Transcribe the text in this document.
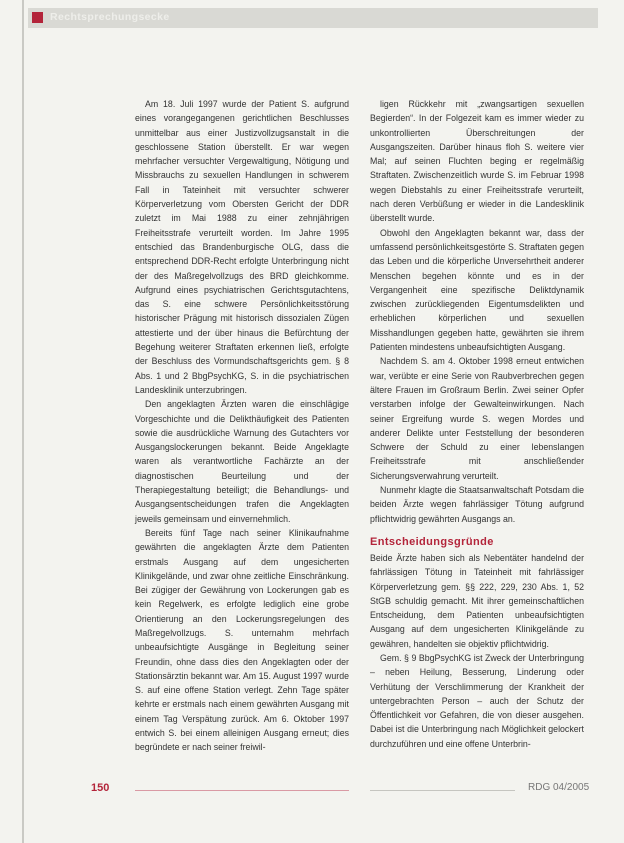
Rechtsprechungsecke

Am 18. Juli 1997 wurde der Patient S. aufgrund eines vorangegangenen gerichtlichen Beschlusses unmittelbar aus einer Justizvollzugsanstalt in die geschlossene Station überstellt. Er war wegen mehrfacher versuchter Vergewaltigung, Nötigung und Missbrauchs zu sexuellen Handlungen in schwerem Fall in Tateinheit mit versuchter schwerer Körperverletzung vom Obersten Gericht der DDR zuletzt im Mai 1988 zu einer zehnjährigen Freiheitsstrafe verurteilt worden. Im Jahre 1995 entschied das Brandenburgische OLG, dass die entsprechend DDR-Recht erfolgte Unterbringung nicht der des Maßregelvollzugs des BRD gleichkomme. Aufgrund eines psychiatrischen Gerichtsgutachtens, das S. eine schwere Persönlichkeitsstörung historischer Prägung mit historisch dissozialen Zügen attestierte und der über hinaus die Befürchtung der Begehung weiterer Straftaten erkennen ließ, erfolgte der Beschluss des Vormundschaftsgerichts gem. § 8 Abs. 1 und 2 BbgPsychKG, S. in die psychiatrischen Landesklinik unterzubringen.

Den angeklagten Ärzten waren die einschlägige Vorgeschichte und die Delikthäufigkeit des Patienten sowie die ausdrückliche Warnung des Gutachters vor Ausgangslockerungen bekannt. Beide Angeklagte waren als verantwortliche Fachärzte an der diagnostischen Beurteilung und der Therapiegestaltung beteiligt; die Behandlungs- und Ausgangsentscheidungen trafen die Angeklagten jeweils gemeinsam und einvernehmlich.

Bereits fünf Tage nach seiner Klinikaufnahme gewährten die angeklagten Ärzte dem Patienten erstmals Ausgang auf dem ungesicherten Klinikgelände, und zwar ohne zeitliche Einschränkung. Bei zügiger der Gewährung von Lockerungen gab es kein Regelwerk, es erfolgte lediglich eine grobe Orientierung an den Lockerungsregelungen des Maßregelvollzugs. S. unternahm mehrfach unbeaufsichtigte Ausgänge in Begleitung seiner Freundin, ohne dass dies den Angeklagten oder der Stationsärztin bekannt war. Am 15. August 1997 wurde S. auf eine offene Station verlegt. Zehn Tage später kehrte er erstmals nach einem gewährten Ausgang mit einem Tag Verspätung zurück. Am 6. Oktober 1997 entwich S. bei einem alleinigen Ausgang erneut; dies begründete er nach seiner freiwil-

ligen Rückkehr mit „zwangsartigen sexuellen Begierden“. In der Folgezeit kam es immer wieder zu unkontrollierten Überschreitungen der Ausgangszeiten. Darüber hinaus floh S. weitere vier Mal; auf seinen Fluchten beging er regelmäßig Straftaten. Zwischenzeitlich wurde S. im Februar 1998 wegen Diebstahls zu einer Freiheitsstrafe verurteilt, nach deren Verbüßung er wieder in die Landesklinik überstellt wurde.

Obwohl den Angeklagten bekannt war, dass der umfassend persönlichkeitsgestörte S. Straftaten gegen das Leben und die körperliche Unversehrtheit anderer Menschen begehen könnte und es in der Vergangenheit eine spezifische Deliktdynamik zwischen zurückliegenden Eigentumsdelikten und erheblichen körperlichen und sexuellen Misshandlungen gegeben hatte, gewährten sie ihrem Patienten mindestens unbeaufsichtigten Ausgang.

Nachdem S. am 4. Oktober 1998 erneut entwichen war, verübte er eine Serie von Raubverbrechen gegen ältere Frauen im Großraum Berlin. Zwei seiner Opfer verstarben infolge der Gewalteinwirkungen. Nach seiner Ergreifung wurde S. wegen Mordes und anderer Delikte unter Feststellung der besonderen Schwere der Schuld zu einer lebenslangen Freiheitsstrafe mit anschließender Sicherungsverwahrung verurteilt.

Nunmehr klagte die Staatsanwaltschaft Potsdam die beiden Ärzte wegen fahrlässiger Tötung aufgrund pflichtwidrig gewährten Ausgangs an.

Entscheidungsgründe

Beide Ärzte haben sich als Nebentäter handelnd der fahrlässigen Tötung in Tateinheit mit fahrlässiger Körperverletzung gem. §§ 222, 229, 230 Abs. 1, 52 StGB schuldig gemacht. Mit ihrer gemeinschaftlichen Entscheidung, dem Patienten unbeaufsichtigten Ausgang auf dem ungesicherten Klinikgelände zu gewähren, handelten sie objektiv pflichtwidrig.

Gem. § 9 BbgPsychKG ist Zweck der Unterbringung – neben Heilung, Besserung, Linderung oder Verhütung der Verschlimmerung der Krankheit der untergebrachten Person – auch der Schutz der Öffentlichkeit vor Gefahren, die von dieser ausgehen. Dabei ist die Unterbringung nach Möglichkeit gelockert durchzuführen und eine offene Unterbrin-

150	RDG 04/2005
